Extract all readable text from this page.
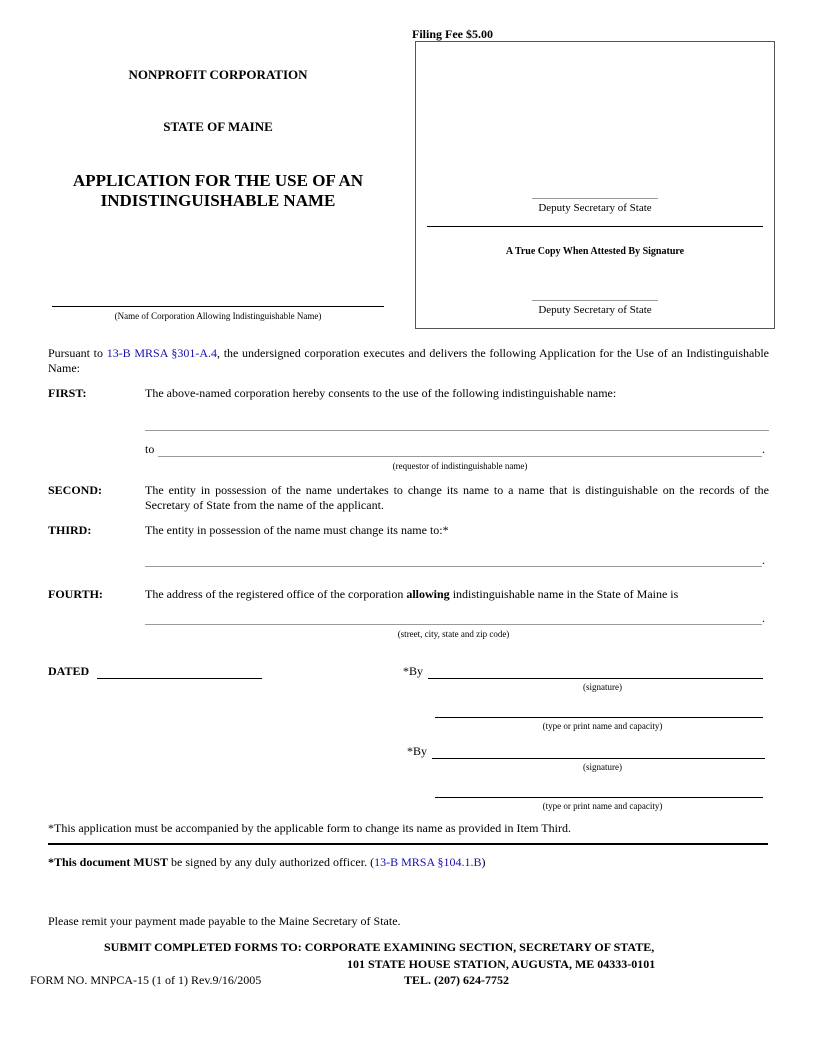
Filing Fee $5.00
NONPROFIT CORPORATION
STATE OF MAINE
APPLICATION FOR THE USE OF AN
INDISTINGUISHABLE NAME
(Name of Corporation Allowing Indistinguishable Name)
Deputy Secretary of State
A True Copy When Attested By Signature
Deputy Secretary of State
Pursuant to 13-B MRSA §301-A.4, the undersigned corporation executes and delivers the following Application for the Use of an Indistinguishable Name:
FIRST:	The above-named corporation hereby consents to the use of the following indistinguishable name:
to	.
(requestor of indistinguishable name)
SECOND:	The entity in possession of the name undertakes to change its name to a name that is distinguishable on the records of the Secretary of State from the name of the applicant.
THIRD:	The entity in possession of the name must change its name to:*
.
FOURTH:	The address of the registered office of the corporation allowing indistinguishable name in the State of Maine is
.
(street, city, state and zip code)
DATED	*By
(signature)
(type or print name and capacity)
*By
(signature)
(type or print name and capacity)
*This application must be accompanied by the applicable form to change its name as provided in Item Third.
*This document MUST be signed by any duly authorized officer. (13-B MRSA §104.1.B)
Please remit your payment made payable to the Maine Secretary of State.
SUBMIT COMPLETED FORMS TO: CORPORATE EXAMINING SECTION, SECRETARY OF STATE,
101 STATE HOUSE STATION, AUGUSTA, ME 04333-0101
TEL. (207) 624-7752
FORM NO. MNPCA-15 (1 of 1) Rev.9/16/2005
